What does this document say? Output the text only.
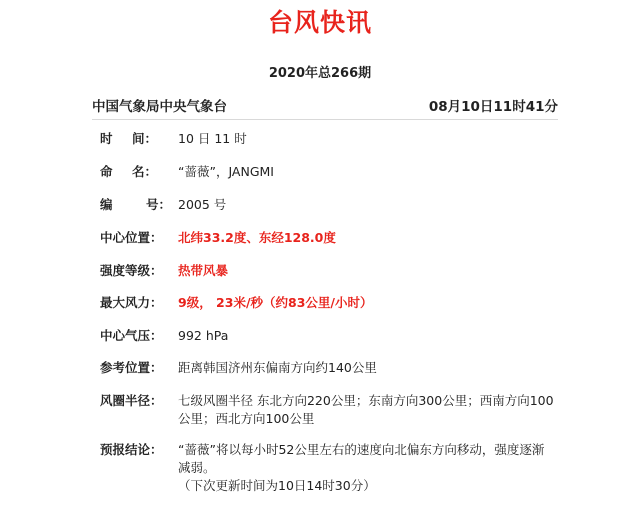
台风快讯
2020年总266期
中国气象局中央气象台	08月10日11时41分
时 间： 10 日 11 时
命 名： “蔷薇”，JANGMI
编	号： 2005 号
中心位置：	北纬33.2度、东经128.0度
强度等级：	热带风暴
最大风力：	9级， 23米/秒（约83公里/小时）
中心气压：	992 hPa
参考位置：	距离韩国济州东偏南方向约140公里
风圈半径：	七级风圈半径 东北方向220公里；东南方向300公里；西南方向100
公里；西北方向100公里
预报结论：	“蔷薇”将以每小时52公里左右的速度向北偏东方向移动，强度逐渐
减弱。
（下次更新时间为10日14时30分）
